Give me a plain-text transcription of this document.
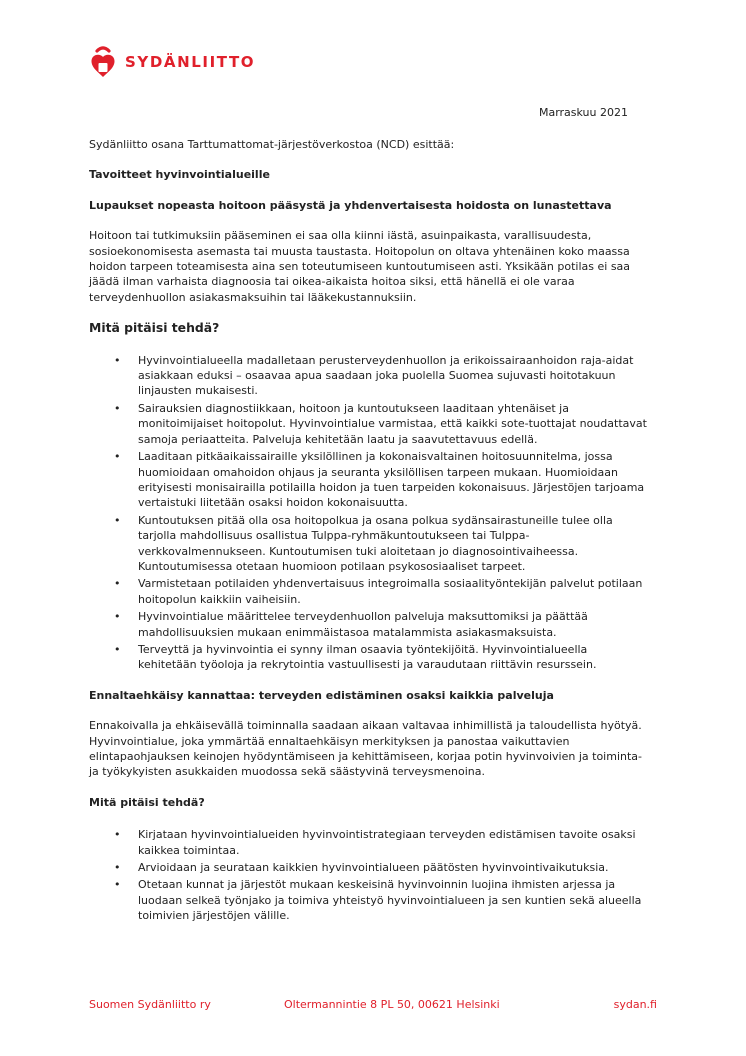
SYDÄNLIITTO
Marraskuu 2021

Sydänliitto osana Tarttumattomat-järjestöverkostoa (NCD) esittää:

Tavoitteet hyvinvointialueille

Lupaukset nopeasta hoitoon pääsystä ja yhdenvertaisesta hoidosta on lunastettava

Hoitoon tai tutkimuksiin pääseminen ei saa olla kiinni iästä, asuinpaikasta, varallisuudesta, sosioekonomisesta asemasta tai muusta taustasta. Hoitopolun on oltava yhtenäinen koko maassa hoidon tarpeen toteamisesta aina sen toteutumiseen kuntoutumiseen asti. Yksikään potilas ei saa jäädä ilman varhaista diagnoosia tai oikea-aikaista hoitoa siksi, että hänellä ei ole varaa terveydenhuollon asiakasmaksuihin tai lääkekustannuksiin.

Mitä pitäisi tehdä?

• Hyvinvointialueella madalletaan perusterveydenhuollon ja erikoissairaanhoidon raja-aidat asiakkaan eduksi – osaavaa apua saadaan joka puolella Suomea sujuvasti hoitotakuun linjausten mukaisesti.
• Sairauksien diagnostiikkaan, hoitoon ja kuntoutukseen laaditaan yhtenäiset ja monitoimijaiset hoitopolut. Hyvinvointialue varmistaa, että kaikki sote-tuottajat noudattavat samoja periaatteita. Palveluja kehitetään laatu ja saavutettavuus edellä.
• Laaditaan pitkäaikaissairaille yksilöllinen ja kokonaisvaltainen hoitosuunnitelma, jossa huomioidaan omahoidon ohjaus ja seuranta yksilöllisen tarpeen mukaan. Huomioidaan erityisesti monisairailla potilailla hoidon ja tuen tarpeiden kokonaisuus. Järjestöjen tarjoama vertaistuki liitetään osaksi hoidon kokonaisuutta.
• Kuntoutuksen pitää olla osa hoitopolkua ja osana polkua sydänsairastuneille tulee olla tarjolla mahdollisuus osallistua Tulppa-ryhmäkuntoutukseen tai Tulppa-verkkovalmennukseen. Kuntoutumisen tuki aloitetaan jo diagnosointivaiheessa. Kuntoutumisessa otetaan huomioon potilaan psykososiaaliset tarpeet.
• Varmistetaan potilaiden yhdenvertaisuus integroimalla sosiaalityöntekijän palvelut potilaan hoitopolun kaikkiin vaiheisiin.
• Hyvinvointialue määrittelee terveydenhuollon palveluja maksuttomiksi ja päättää mahdollisuuksien mukaan enimmäistasoa matalammista asiakasmaksuista.
• Terveyttä ja hyvinvointia ei synny ilman osaavia työntekijöitä. Hyvinvointialueella kehitetään työoloja ja rekrytointia vastuullisesti ja varaudutaan riittävin resurssein.

Ennaltaehkäisy kannattaa: terveyden edistäminen osaksi kaikkia palveluja

Ennakoivalla ja ehkäisevällä toiminnalla saadaan aikaan valtavaa inhimillistä ja taloudellista hyötyä. Hyvinvointialue, joka ymmärtää ennaltaehkäisyn merkityksen ja panostaa vaikuttavien elintapaohjauksen keinojen hyödyntämiseen ja kehittämiseen, korjaa potin hyvinvoivien ja toiminta- ja työkykyisten asukkaiden muodossa sekä säästyvinä terveysmenoina.

Mitä pitäisi tehdä?

• Kirjataan hyvinvointialueiden hyvinvointistrategiaan terveyden edistämisen tavoite osaksi kaikkea toimintaa.
• Arvioidaan ja seurataan kaikkien hyvinvointialueen päätösten hyvinvointivaikutuksia.
• Otetaan kunnat ja järjestöt mukaan keskeisinä hyvinvoinnin luojina ihmisten arjessa ja luodaan selkeä työnjako ja toimiva yhteistyö hyvinvointialueen ja sen kuntien sekä alueella toimivien järjestöjen välille.
Suomen Sydänliitto ry	Oltermannintie 8 PL 50, 00621 Helsinki	sydan.fi
